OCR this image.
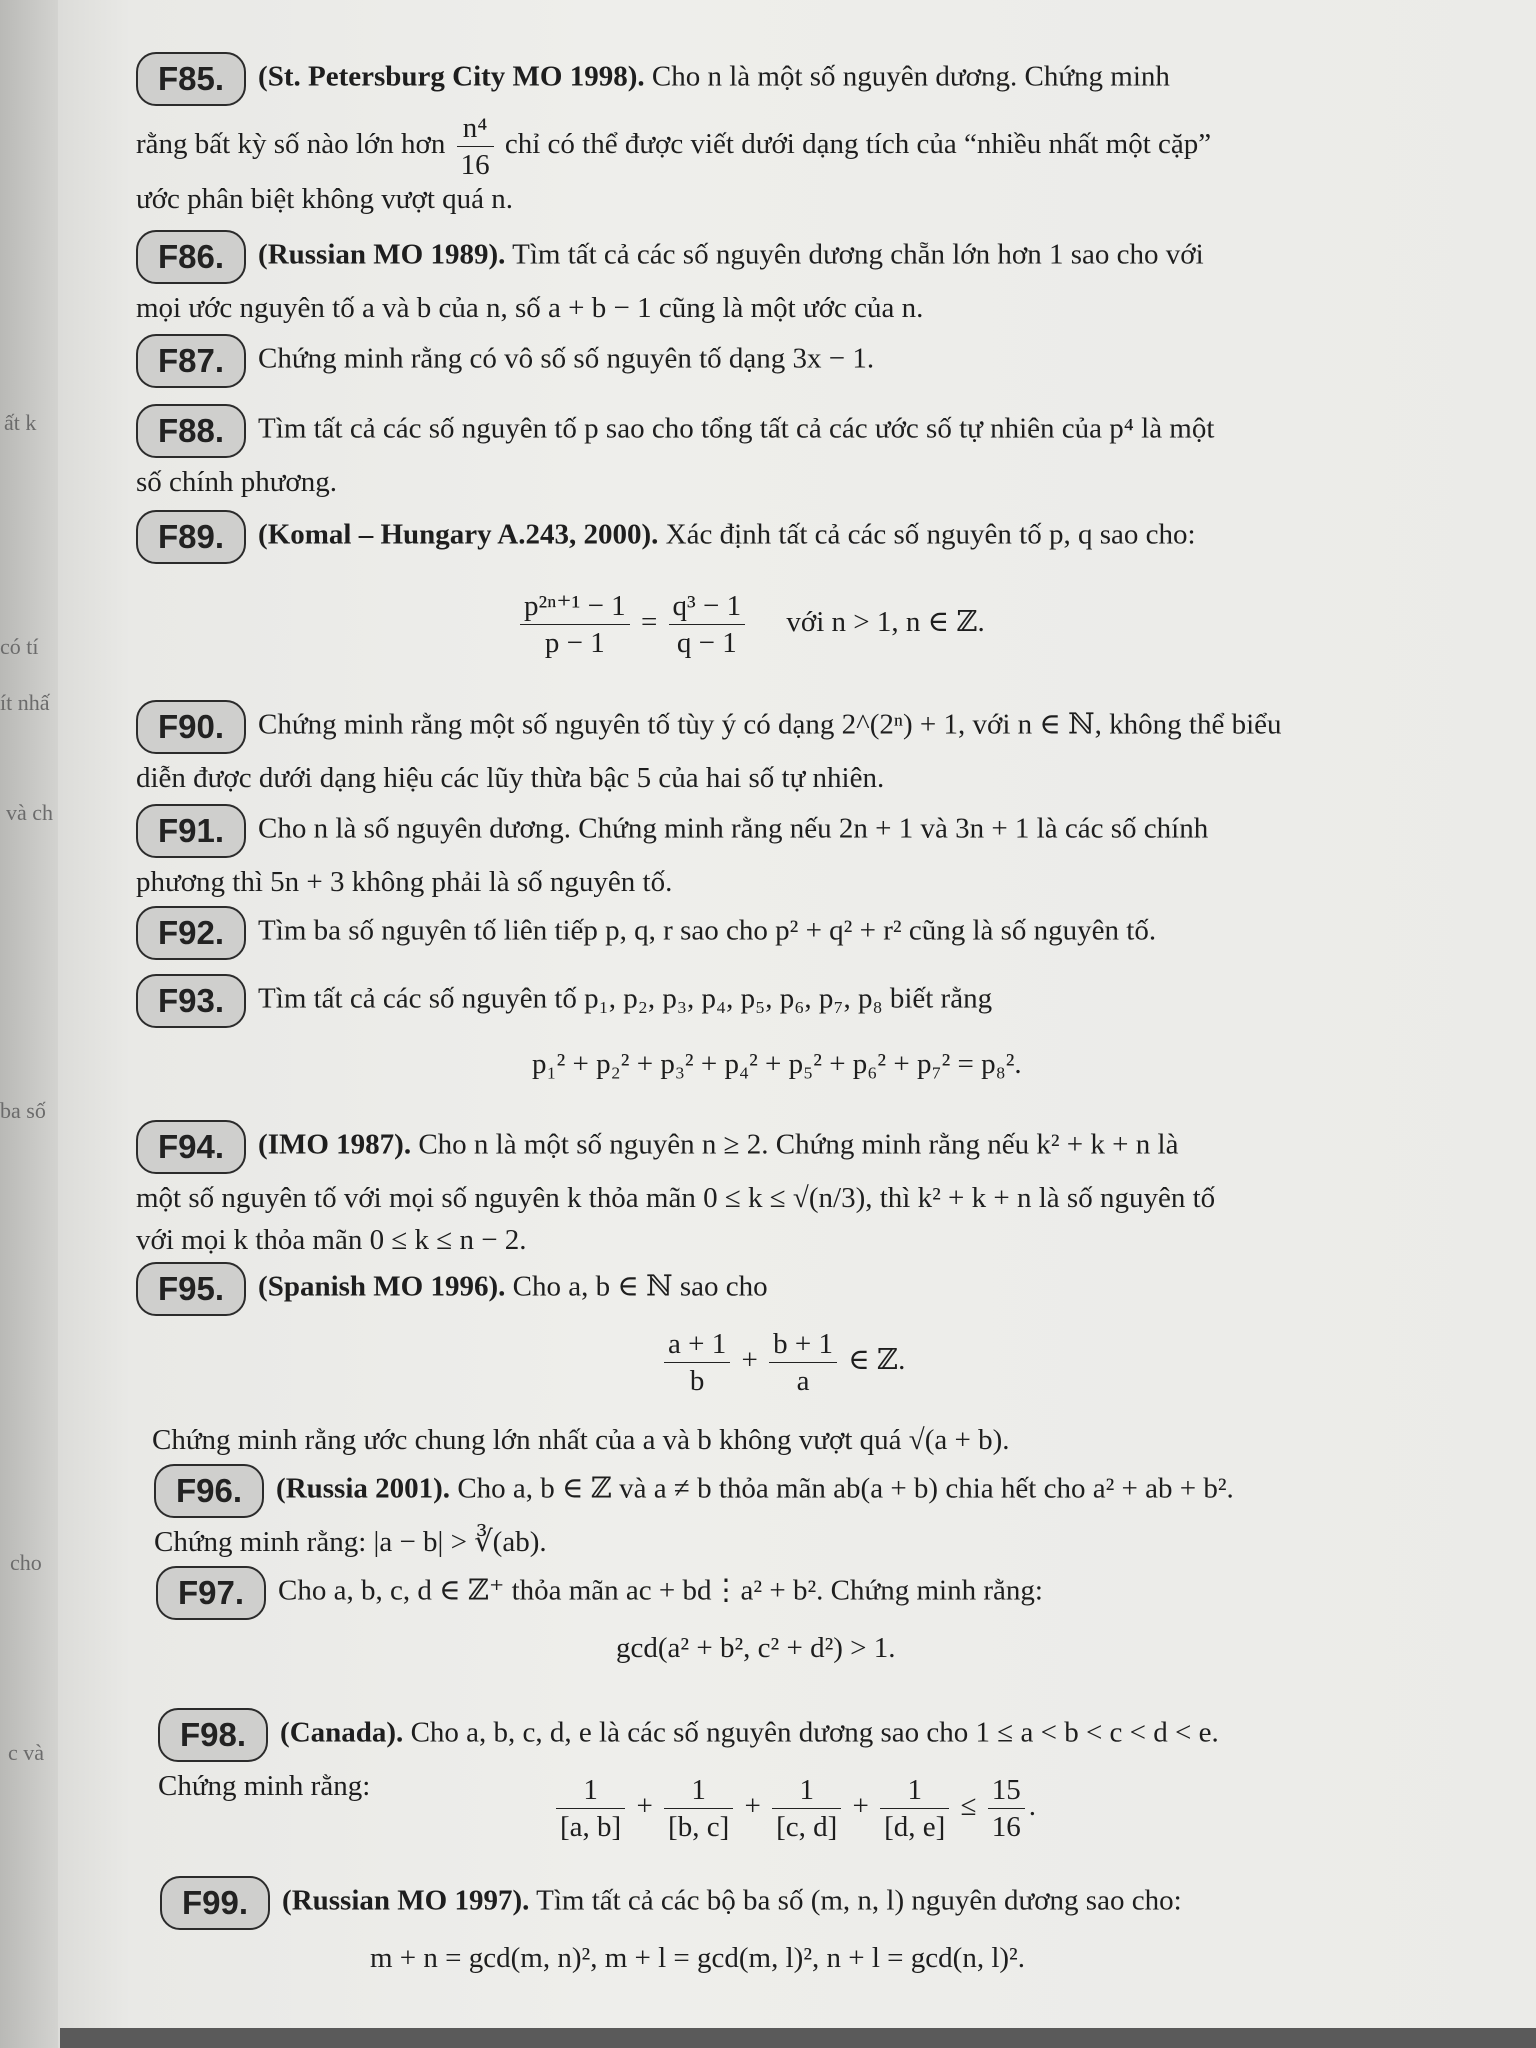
ất k
có tí
ít nhấ
và ch
ba số
cho
c và
F85. (St. Petersburg City MO 1998). Cho n là một số nguyên dương. Chứng minh
rằng bất kỳ số nào lớn hơn $\frac{\text{n⁴}}{16}$ chỉ có thể được viết dưới dạng tích của “nhiều nhất một cặp”
ước phân biệt không vượt quá n.
F86. (Russian MO 1989). Tìm tất cả các số nguyên dương chẵn lớn hơn 1 sao cho với
mọi ước nguyên tố a và b của n, số a + b − 1 cũng là một ước của n.
F87. Chứng minh rằng có vô số số nguyên tố dạng 3x − 1.
F88. Tìm tất cả các số nguyên tố p sao cho tổng tất cả các ước số tự nhiên của p⁴ là một
số chính phương.
F89. (Komal – Hungary A.243, 2000). Xác định tất cả các số nguyên tố p, q sao cho:
$\frac{\text{p²ⁿ⁺¹ − 1}}{p - 1} = \frac{\text{q³ − 1}}{q - 1}$ với n > 1, n ∈ ℤ.
F90. Chứng minh rằng một số nguyên tố tùy ý có dạng 2^(2ⁿ) + 1, với n ∈ ℕ, không thể biểu
diễn được dưới dạng hiệu các lũy thừa bậc 5 của hai số tự nhiên.
F91. Cho n là số nguyên dương. Chứng minh rằng nếu 2n + 1 và 3n + 1 là các số chính
phương thì 5n + 3 không phải là số nguyên tố.
F92. Tìm ba số nguyên tố liên tiếp p, q, r sao cho p² + q² + r² cũng là số nguyên tố.
F93. Tìm tất cả các số nguyên tố p₁, p₂, p₃, p₄, p₅, p₆, p₇, p₈ biết rằng
p₁² + p₂² + p₃² + p₄² + p₅² + p₆² + p₇² = p₈².
F94. (IMO 1987). Cho n là một số nguyên n ≥ 2. Chứng minh rằng nếu k² + k + n là
một số nguyên tố với mọi số nguyên k thỏa mãn 0 ≤ k ≤ √(n/3), thì k² + k + n là số nguyên tố
với mọi k thỏa mãn 0 ≤ k ≤ n − 2.
F95. (Spanish MO 1996). Cho a, b ∈ ℕ sao cho
$\frac{a + 1}{b} + \frac{b + 1}{a}$ ∈ ℤ.
Chứng minh rằng ước chung lớn nhất của a và b không vượt quá √(a + b).
F96. (Russia 2001). Cho a, b ∈ ℤ và a ≠ b thỏa mãn ab(a + b) chia hết cho a² + ab + b².
Chứng minh rằng: |a − b| > ∛(ab).
F97. Cho a, b, c, d ∈ ℤ⁺ thỏa mãn ac + bd⋮a² + b². Chứng minh rằng:
gcd(a² + b², c² + d²) > 1.
F98. (Canada). Cho a, b, c, d, e là các số nguyên dương sao cho 1 ≤ a < b < c < d < e.
Chứng minh rằng:	$\frac{1}{[a, b]} + \frac{1}{[b, c]} + \frac{1}{[c, d]} + \frac{1}{[d, e]} \le \frac{15}{16}$ .
F99. (Russian MO 1997). Tìm tất cả các bộ ba số (m, n, l) nguyên dương sao cho:
m + n = gcd(m, n)², m + l = gcd(m, l)², n + l = gcd(n, l)².
